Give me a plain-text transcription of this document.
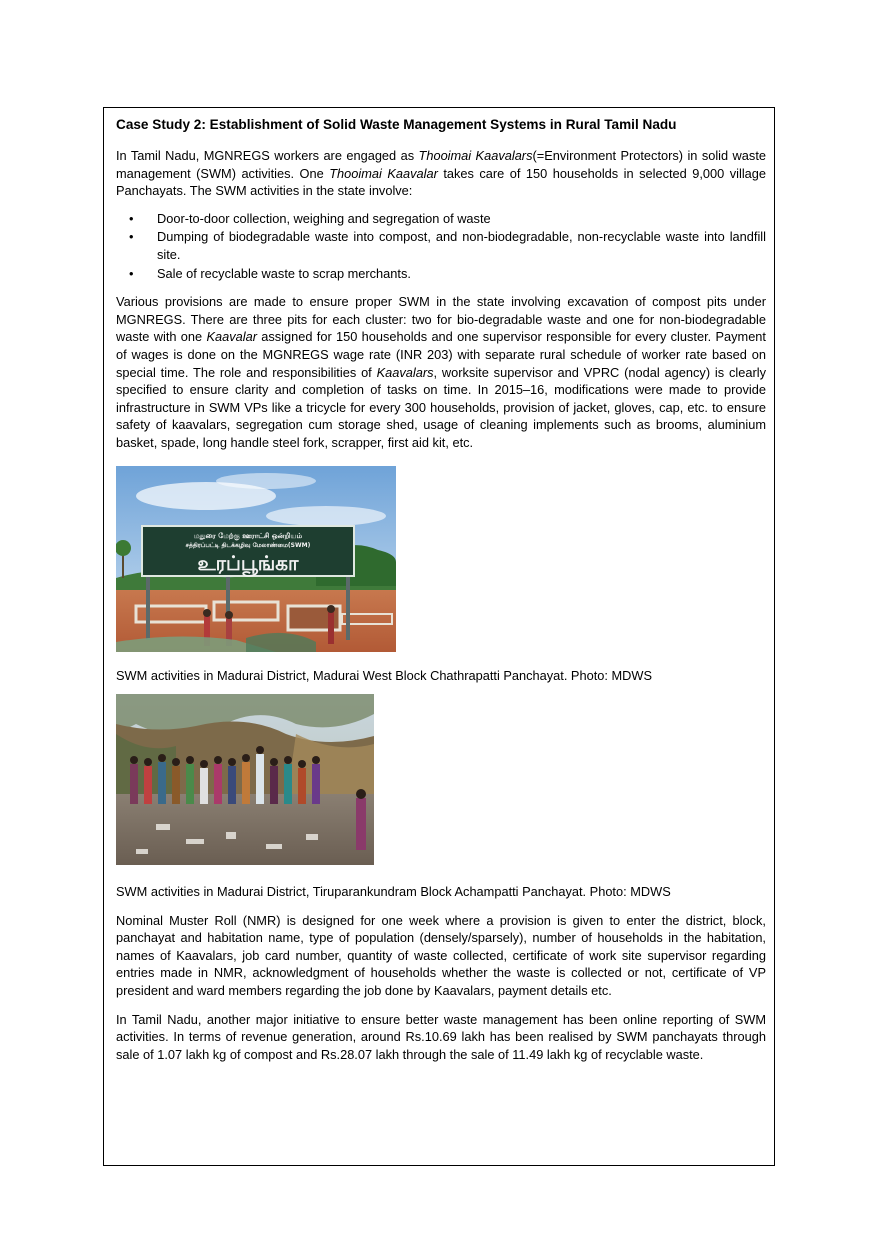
Case Study 2: Establishment of Solid Waste Management Systems in Rural Tamil Nadu

In Tamil Nadu, MGNREGS workers are engaged as Thooimai Kaavalars(=Environment Protectors) in solid waste management (SWM) activities. One Thooimai Kaavalar takes care of 150 households in selected 9,000 village Panchayats. The SWM activities in the state involve:

• Door-to-door collection, weighing and segregation of waste
• Dumping of biodegradable waste into compost, and non-biodegradable, non-recyclable waste into landfill site.
• Sale of recyclable waste to scrap merchants.

Various provisions are made to ensure proper SWM in the state involving excavation of compost pits under MGNREGS. There are three pits for each cluster: two for bio-degradable waste and one for non-biodegradable waste with one Kaavalar assigned for 150 households and one supervisor responsible for every cluster. Payment of wages is done on the MGNREGS wage rate (INR 203) with separate rural schedule of worker rate based on special time. The role and responsibilities of Kaavalars, worksite supervisor and VPRC (nodal agency) is clearly specified to ensure clarity and completion of tasks on time. In 2015–16, modifications were made to provide infrastructure in SWM VPs like a tricycle for every 300 households, provision of jacket, gloves, cap, etc. to ensure safety of kaavalars, segregation cum storage shed, usage of cleaning implements such as brooms, aluminium basket, spade, long handle steel fork, scrapper, first aid kit, etc.

மதுரை மேற்கு ஊராட்சி ஒன்றியம்
சத்திரப்பட்டி திடக்கழிவு மேலாண்மை(SWM)
உரப்பூங்கா

SWM activities in Madurai District, Madurai West Block Chathrapatti Panchayat. Photo: MDWS

SWM activities in Madurai District, Tiruparankundram Block Achampatti Panchayat. Photo: MDWS

Nominal Muster Roll (NMR) is designed for one week where a provision is given to enter the district, block, panchayat and habitation name, type of population (densely/sparsely), number of households in the habitation, names of Kaavalars, job card number, quantity of waste collected, certificate of work site supervisor regarding entries made in NMR, acknowledgment of households whether the waste is collected or not, certificate of VP president and ward members regarding the job done by Kaavalars, payment details etc.

In Tamil Nadu, another major initiative to ensure better waste management has been online reporting of SWM activities. In terms of revenue generation, around Rs.10.69 lakh has been realised by SWM panchayats through sale of 1.07 lakh kg of compost and Rs.28.07 lakh through the sale of 11.49 lakh kg of recyclable waste.
